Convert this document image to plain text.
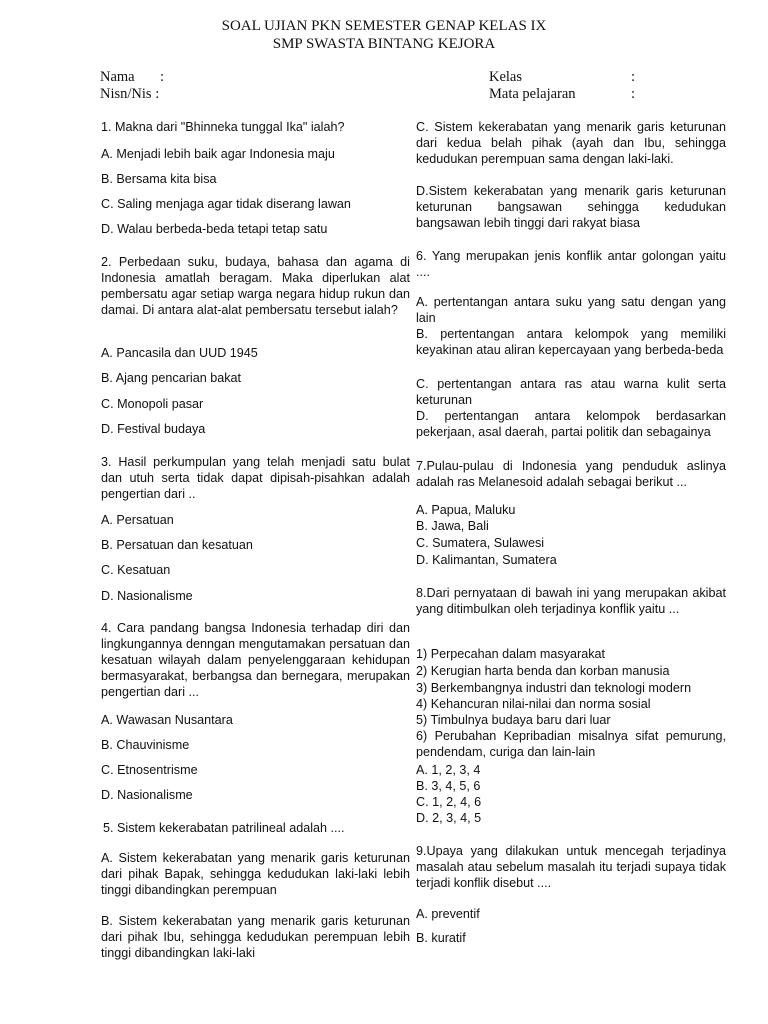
SOAL UJIAN PKN SEMESTER GENAP KELAS IX
SMP SWASTA BINTANG KEJORA
Nama	:
Nisn/Nis :
Kelas	:
Mata pelajaran	:

1. Makna dari "Bhinneka tunggal Ika" ialah?

A. Menjadi lebih baik agar Indonesia maju

B. Bersama kita bisa

C. Saling menjaga agar tidak diserang lawan

D. Walau berbeda-beda tetapi tetap satu

2. Perbedaan suku, budaya, bahasa dan agama di Indonesia amatlah beragam. Maka diperlukan alat pembersatu agar setiap warga negara hidup rukun dan damai. Di antara alat-alat pembersatu tersebut ialah?

A. Pancasila dan UUD 1945

B. Ajang pencarian bakat

C. Monopoli pasar

D. Festival budaya

3. Hasil perkumpulan yang telah menjadi satu bulat dan utuh serta tidak dapat dipisah-pisahkan adalah pengertian dari ..

A. Persatuan

B. Persatuan dan kesatuan

C. Kesatuan

D. Nasionalisme

4. Cara pandang bangsa Indonesia terhadap diri dan lingkungannya denngan mengutamakan persatuan dan kesatuan wilayah dalam penyelenggaraan kehidupan bermasyarakat, berbangsa dan bernegara, merupakan pengertian dari ...

A. Wawasan Nusantara

B. Chauvinisme

C. Etnosentrisme

D. Nasionalisme

5. Sistem kekerabatan patrilineal adalah ....

A. Sistem kekerabatan yang menarik garis keturunan dari pihak Bapak, sehingga kedudukan laki-laki lebih tinggi dibandingkan perempuan

B. Sistem kekerabatan yang menarik garis keturunan dari pihak Ibu, sehingga kedudukan perempuan lebih tinggi dibandingkan laki-laki

C. Sistem kekerabatan yang menarik garis keturunan dari kedua belah pihak (ayah dan Ibu, sehingga kedudukan perempuan sama dengan laki-laki.

D.Sistem kekerabatan yang menarik garis keturunan keturunan bangsawan sehingga kedudukan bangsawan lebih tinggi dari rakyat biasa

6. Yang merupakan jenis konflik antar golongan yaitu ....

A. pertentangan antara suku yang satu dengan yang lain

B. pertentangan antara kelompok yang memiliki keyakinan atau aliran kepercayaan yang berbeda-beda

C. pertentangan antara ras atau warna kulit serta keturunan

D. pertentangan antara kelompok berdasarkan pekerjaan, asal daerah, partai politik dan sebagainya

7.Pulau-pulau di Indonesia yang penduduk aslinya adalah ras Melanesoid adalah sebagai berikut ...

A. Papua, Maluku

B. Jawa, Bali

C. Sumatera, Sulawesi

D. Kalimantan, Sumatera

8.Dari pernyataan di bawah ini yang merupakan akibat yang ditimbulkan oleh terjadinya konflik yaitu ...

1) Perpecahan dalam masyarakat

2) Kerugian harta benda dan korban manusia

3) Berkembangnya industri dan teknologi modern

4) Kehancuran nilai-nilai dan norma sosial

5) Timbulnya budaya baru dari luar

6) Perubahan Kepribadian misalnya sifat pemurung, pendendam, curiga dan lain-lain

A. 1, 2, 3, 4

B. 3, 4, 5, 6

C. 1, 2, 4, 6

D. 2, 3, 4, 5

9.Upaya yang dilakukan untuk mencegah terjadinya masalah atau sebelum masalah itu terjadi supaya tidak terjadi konflik disebut ....

A. preventif

B. kuratif
